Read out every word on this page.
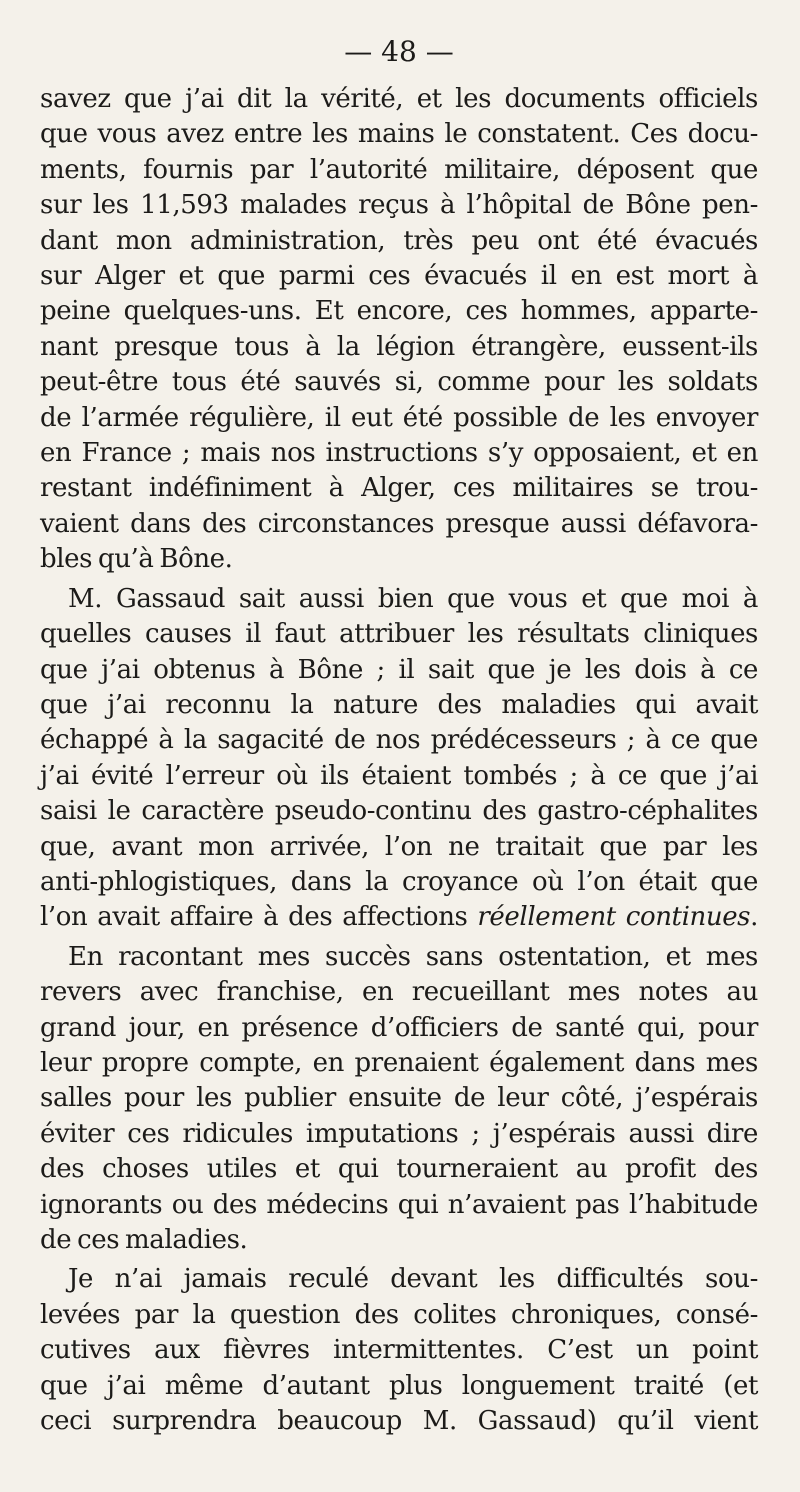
— 48 —

savez que j’ai dit la vérité, et les documents officiels
que vous avez entre les mains le constatent. Ces docu-
ments, fournis par l’autorité militaire, déposent que
sur les 11,593 malades reçus à l’hôpital de Bône pen-
dant mon administration, très peu ont été évacués
sur Alger et que parmi ces évacués il en est mort à
peine quelques-uns. Et encore, ces hommes, apparte-
nant presque tous à la légion étrangère, eussent-ils
peut-être tous été sauvés si, comme pour les soldats
de l’armée régulière, il eut été possible de les envoyer
en France ; mais nos instructions s’y opposaient, et en
restant indéfiniment à Alger, ces militaires se trou-
vaient dans des circonstances presque aussi défavora-
bles qu’à Bône.

M. Gassaud sait aussi bien que vous et que moi à
quelles causes il faut attribuer les résultats cliniques
que j’ai obtenus à Bône ; il sait que je les dois à ce
que j’ai reconnu la nature des maladies qui avait
échappé à la sagacité de nos prédécesseurs ; à ce que
j’ai évité l’erreur où ils étaient tombés ; à ce que j’ai
saisi le caractère pseudo-continu des gastro-céphalites
que, avant mon arrivée, l’on ne traitait que par les
anti-phlogistiques, dans la croyance où l’on était que
l’on avait affaire à des affections réellement continues.

En racontant mes succès sans ostentation, et mes
revers avec franchise, en recueillant mes notes au
grand jour, en présence d’officiers de santé qui, pour
leur propre compte, en prenaient également dans mes
salles pour les publier ensuite de leur côté, j’espérais
éviter ces ridicules imputations ; j’espérais aussi dire
des choses utiles et qui tourneraient au profit des
ignorants ou des médecins qui n’avaient pas l’habitude
de ces maladies.

Je n’ai jamais reculé devant les difficultés sou-
levées par la question des colites chroniques, consé-
cutives aux fièvres intermittentes. C’est un point
que j’ai même d’autant plus longuement traité (et
ceci surprendra beaucoup M. Gassaud) qu’il vient
